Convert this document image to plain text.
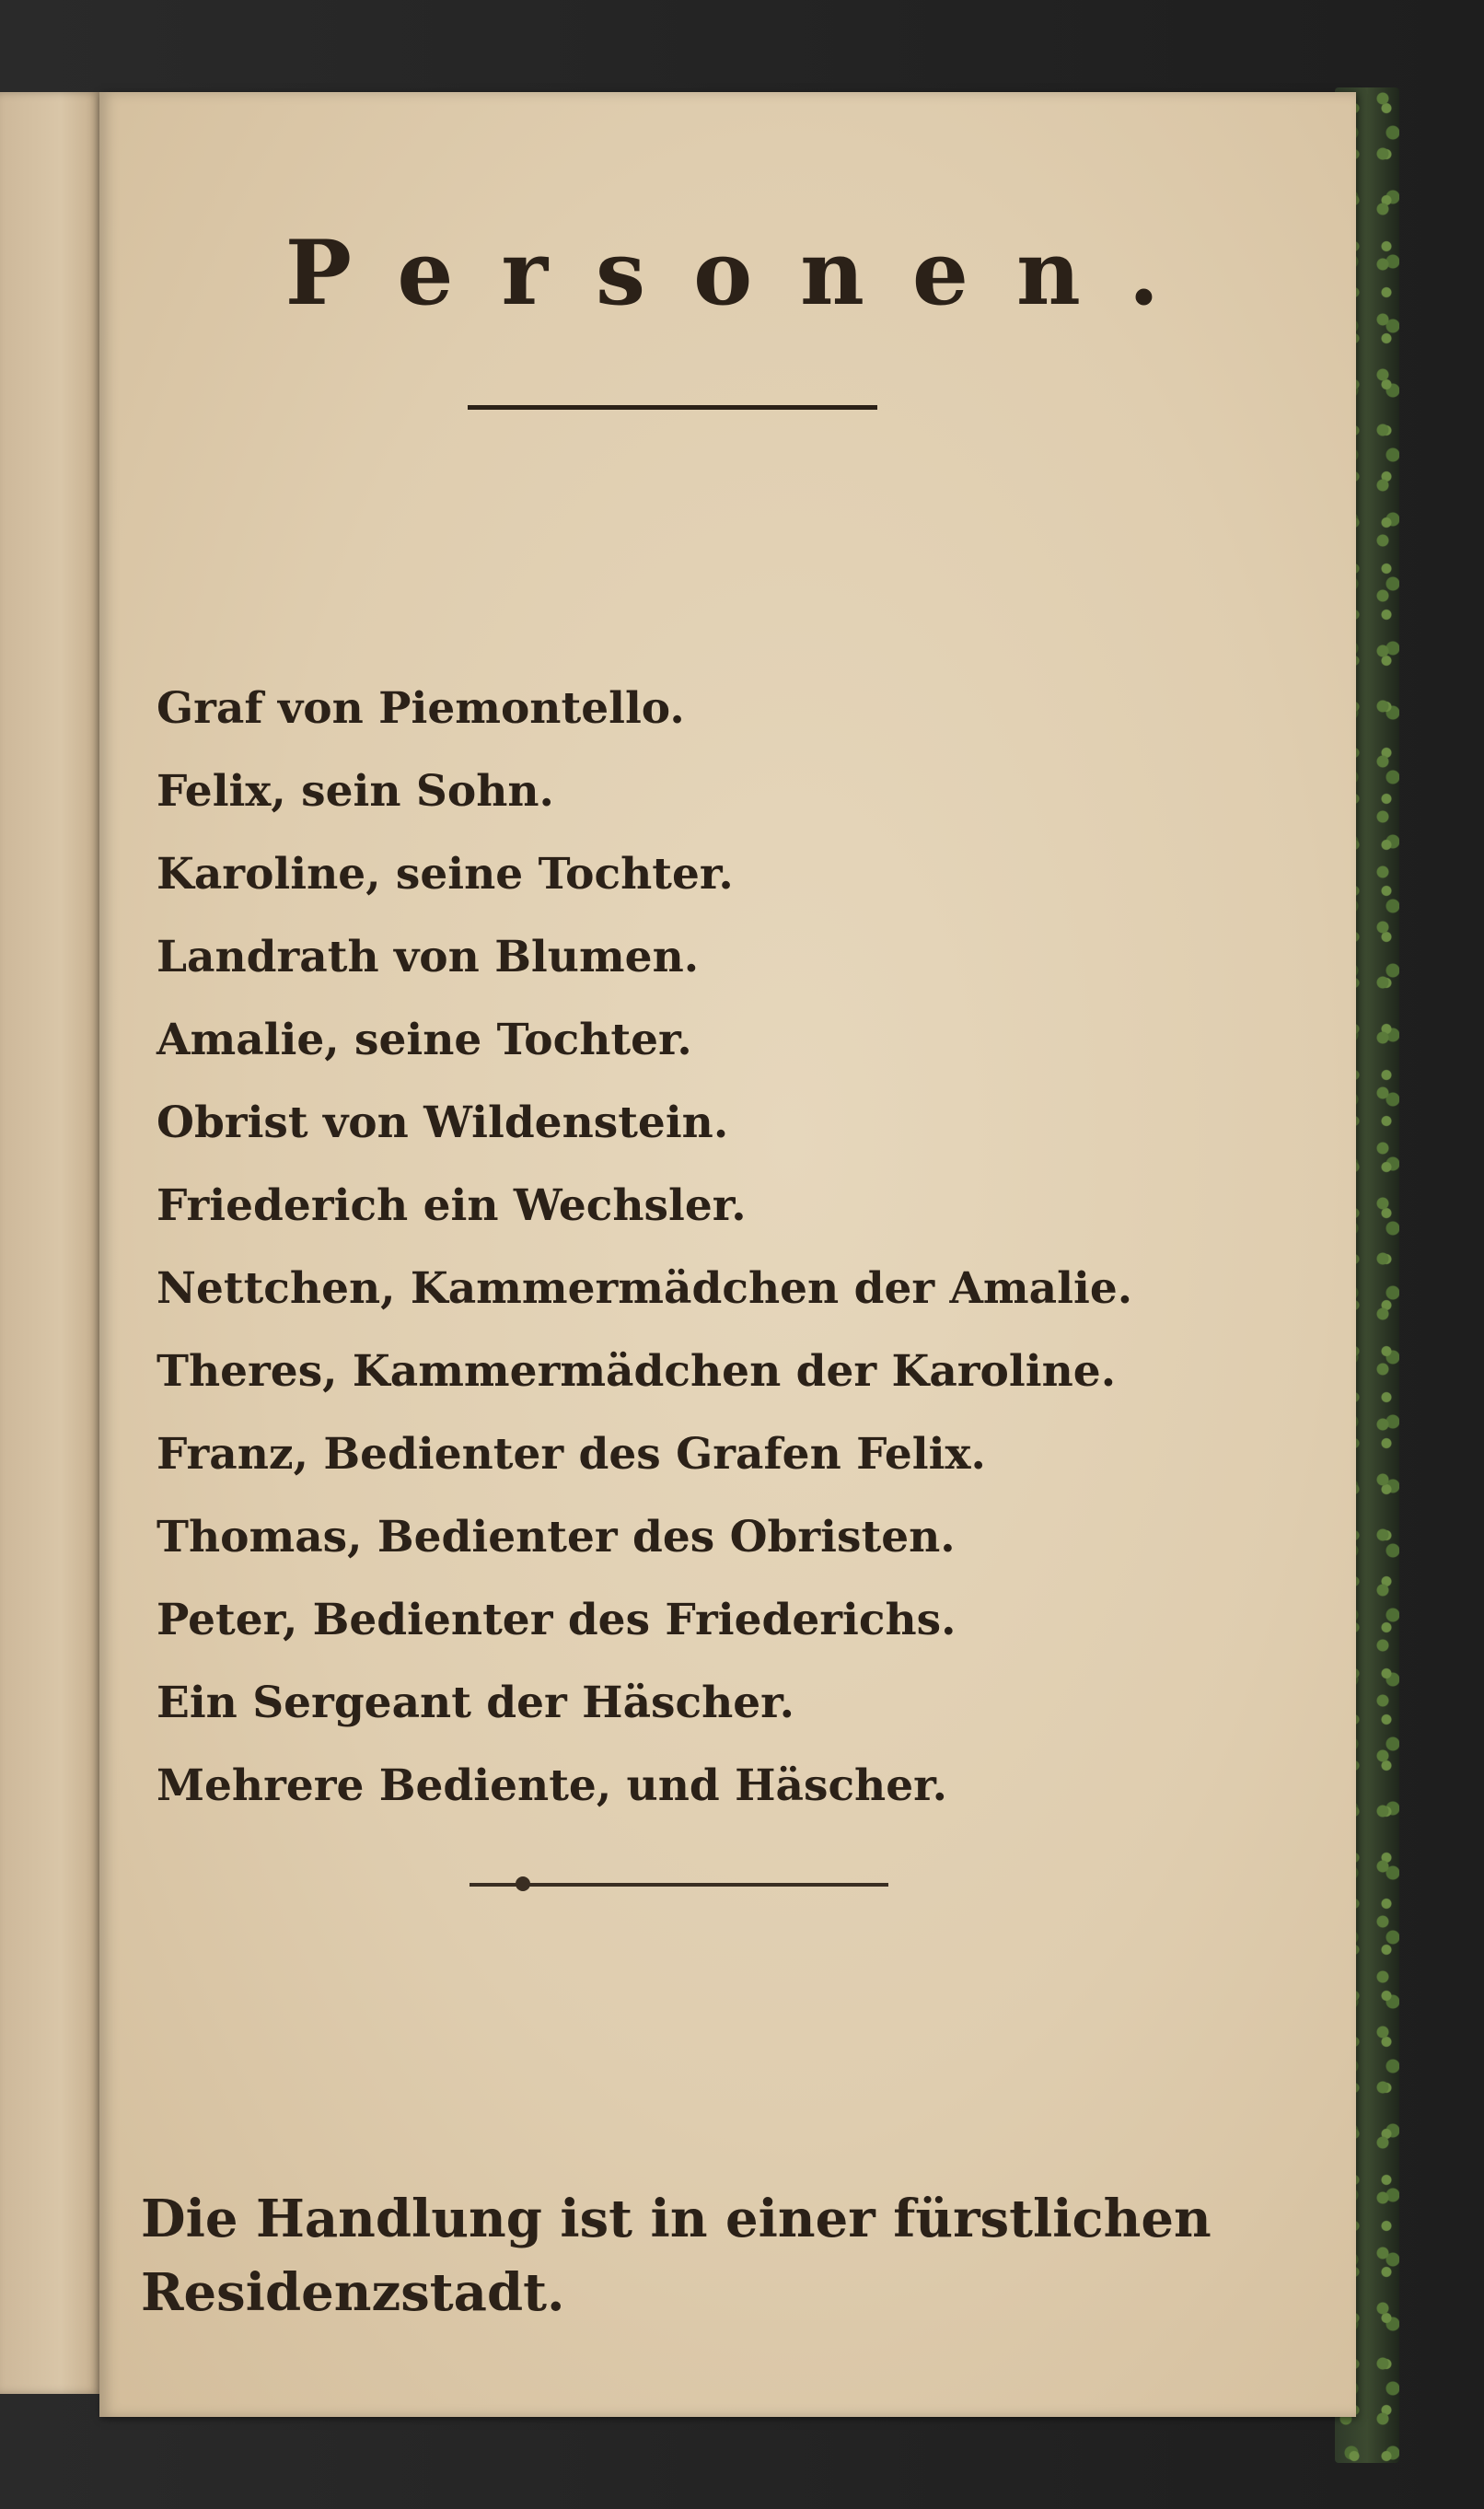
Personen.
Graf von Piemontello.
Felix, sein Sohn.
Karoline, seine Tochter.
Landrath von Blumen.
Amalie, seine Tochter.
Obrist von Wildenstein.
Friederich ein Wechsler.
Nettchen, Kammermädchen der Amalie.
Theres, Kammermädchen der Karoline.
Franz, Bedienter des Grafen Felix.
Thomas, Bedienter des Obristen.
Peter, Bedienter des Friederichs.
Ein Sergeant der Häscher.
Mehrere Bediente, und Häscher.

Die Handlung ist in einer fürstlichen Residenzstadt.
